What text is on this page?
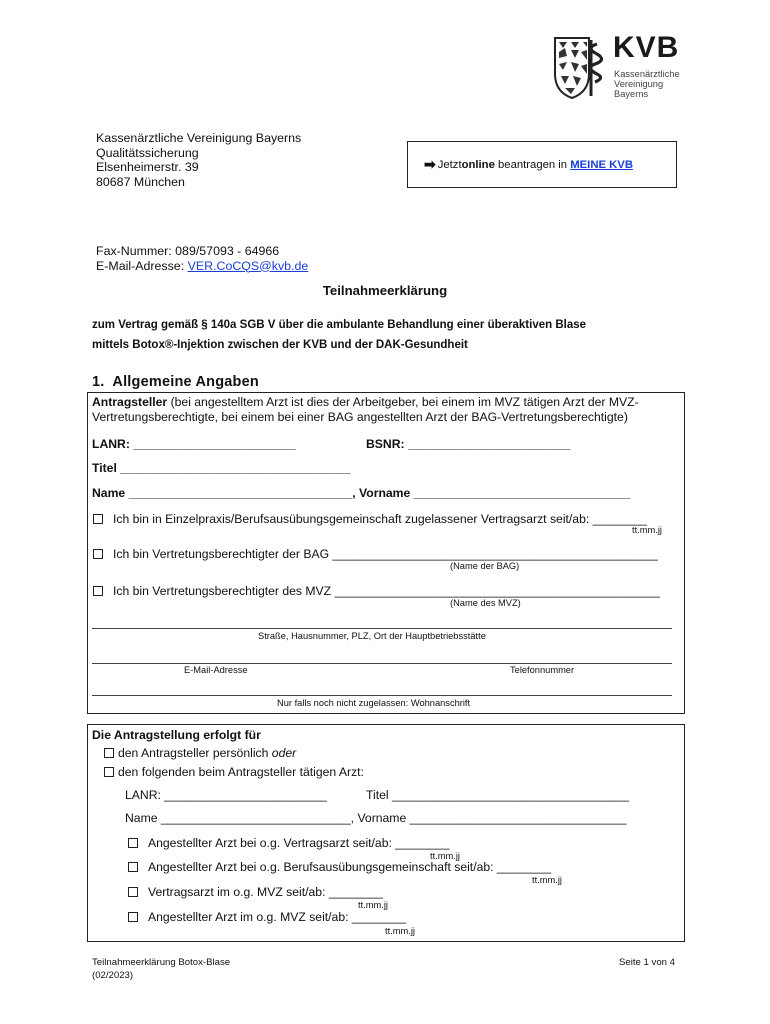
KVB
Kassenärztliche
Vereinigung
Bayerns
Kassenärztliche Vereinigung Bayerns
Qualitätssicherung
Elsenheimerstr. 39
80687 München
➡ Jetzt online beantragen in MEINE KVB
Fax-Nummer: 089/57093 - 64966
E-Mail-Adresse: VER.CoCQS@kvb.de
Teilnahmeerklärung
zum Vertrag gemäß § 140a SGB V über die ambulante Behandlung einer überaktiven Blase
mittels Botox®-Injektion zwischen der KVB und der DAK-Gesundheit
1.  Allgemeine Angaben
Antragsteller (bei angestelltem Arzt ist dies der Arbeitgeber, bei einem im MVZ tätigen Arzt der MVZ-
Vertretungsberechtigte, bei einem bei einer BAG angestellten Arzt der BAG-Vertretungsberechtigte)
LANR: ________________________	BSNR: ________________________
Titel __________________________________
Name _________________________________, Vorname ________________________________
Ich bin in Einzelpraxis/Berufsausübungsgemeinschaft zugelassener Vertragsarzt seit/ab: ________
tt.mm.jj
Ich bin Vertretungsberechtigter der BAG ________________________________________________
(Name der BAG)
Ich bin Vertretungsberechtigter des MVZ ________________________________________________
(Name des MVZ)
Straße, Hausnummer, PLZ, Ort der Hauptbetriebsstätte
E-Mail-Adresse	Telefonnummer
Nur falls noch nicht zugelassen: Wohnanschrift
Die Antragstellung erfolgt für
den Antragsteller persönlich oder
den folgenden beim Antragsteller tätigen Arzt:
LANR: ________________________	Titel ___________________________________
Name ____________________________, Vorname ________________________________
Angestellter Arzt bei o.g. Vertragsarzt seit/ab: ________
tt.mm.jj
Angestellter Arzt bei o.g. Berufsausübungsgemeinschaft seit/ab: ________
tt.mm.jj
Vertragsarzt im o.g. MVZ seit/ab: ________
tt.mm.jj
Angestellter Arzt im o.g. MVZ seit/ab: ________
tt.mm.jj
Teilnahmeerklärung Botox-Blase
(02/2023)
Seite 1 von 4
